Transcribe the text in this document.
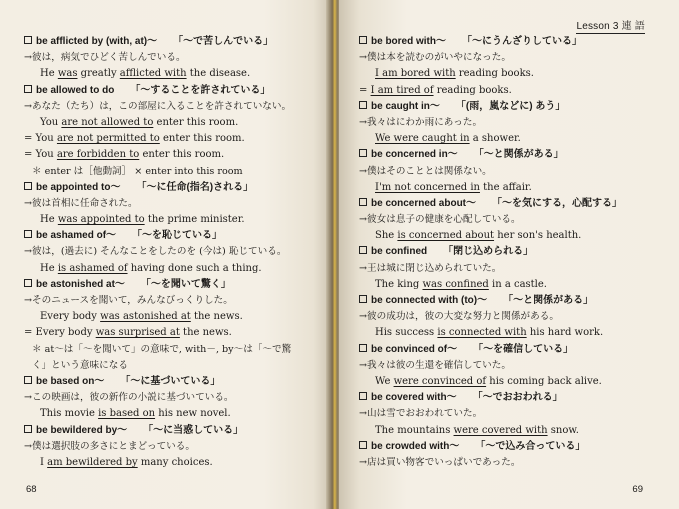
be afflicted by (with, at)～ 「～で苦しんでいる」
→彼は，病気でひどく苦しんでいる。
He was greatly afflicted with the disease.
be allowed to do 「～することを許されている」
→あなた（たち）は，この部屋に入ることを許されていない。
You are not allowed to enter this room.
= You are not permitted to enter this room.
= You are forbidden to enter this room.
＊ enter は［他動詞］ × enter into this room
be appointed to～ 「～に任命(指名)される」
→彼は首相に任命された。
He was appointed to the prime minister.
be ashamed of～ 「～を恥じている」
→彼は，(過去に) そんなことをしたのを (今は) 恥じている。
He is ashamed of having done such a thing.
be astonished at～ 「～を聞いて驚く」
→そのニュースを聞いて，みんなびっくりした。
Every body was astonished at the news.
= Every body was surprised at the news.
＊ at～は「～を聞いて」の意味で, with－, by～は「～で驚
く」という意味になる
be based on～ 「～に基づいている」
→この映画は，彼の新作の小説に基づいている。
This movie is based on his new novel.
be bewildered by～ 「～に当惑している」
→僕は選択肢の多さにとまどっている。
I am bewildered by many choices.
68
Lesson 3 連 語
be bored with～ 「～にうんざりしている」
→僕は本を読むのがいやになった。
I am bored with reading books.
= I am tired of reading books.
be caught in～ 「(雨，嵐などに) あう」
→我々はにわか雨にあった。
We were caught in a shower.
be concerned in～ 「～と関係がある」
→僕はそのこととは関係ない。
I'm not concerned in the affair.
be concerned about～ 「～を気にする，心配する」
→彼女は息子の健康を心配している。
She is concerned about her son's health.
be confined 「閉じ込められる」
→王は城に閉じ込められていた。
The king was confined in a castle.
be connected with (to)～ 「～と関係がある」
→彼の成功は，彼の大変な努力と関係がある。
His success is connected with his hard work.
be convinced of～ 「～を確信している」
→我々は彼の生還を確信していた。
We were convinced of his coming back alive.
be covered with～ 「～でおおわれる」
→山は雪でおおわれていた。
The mountains were covered with snow.
be crowded with～ 「～で込み合っている」
→店は買い物客でいっぱいであった。
69
